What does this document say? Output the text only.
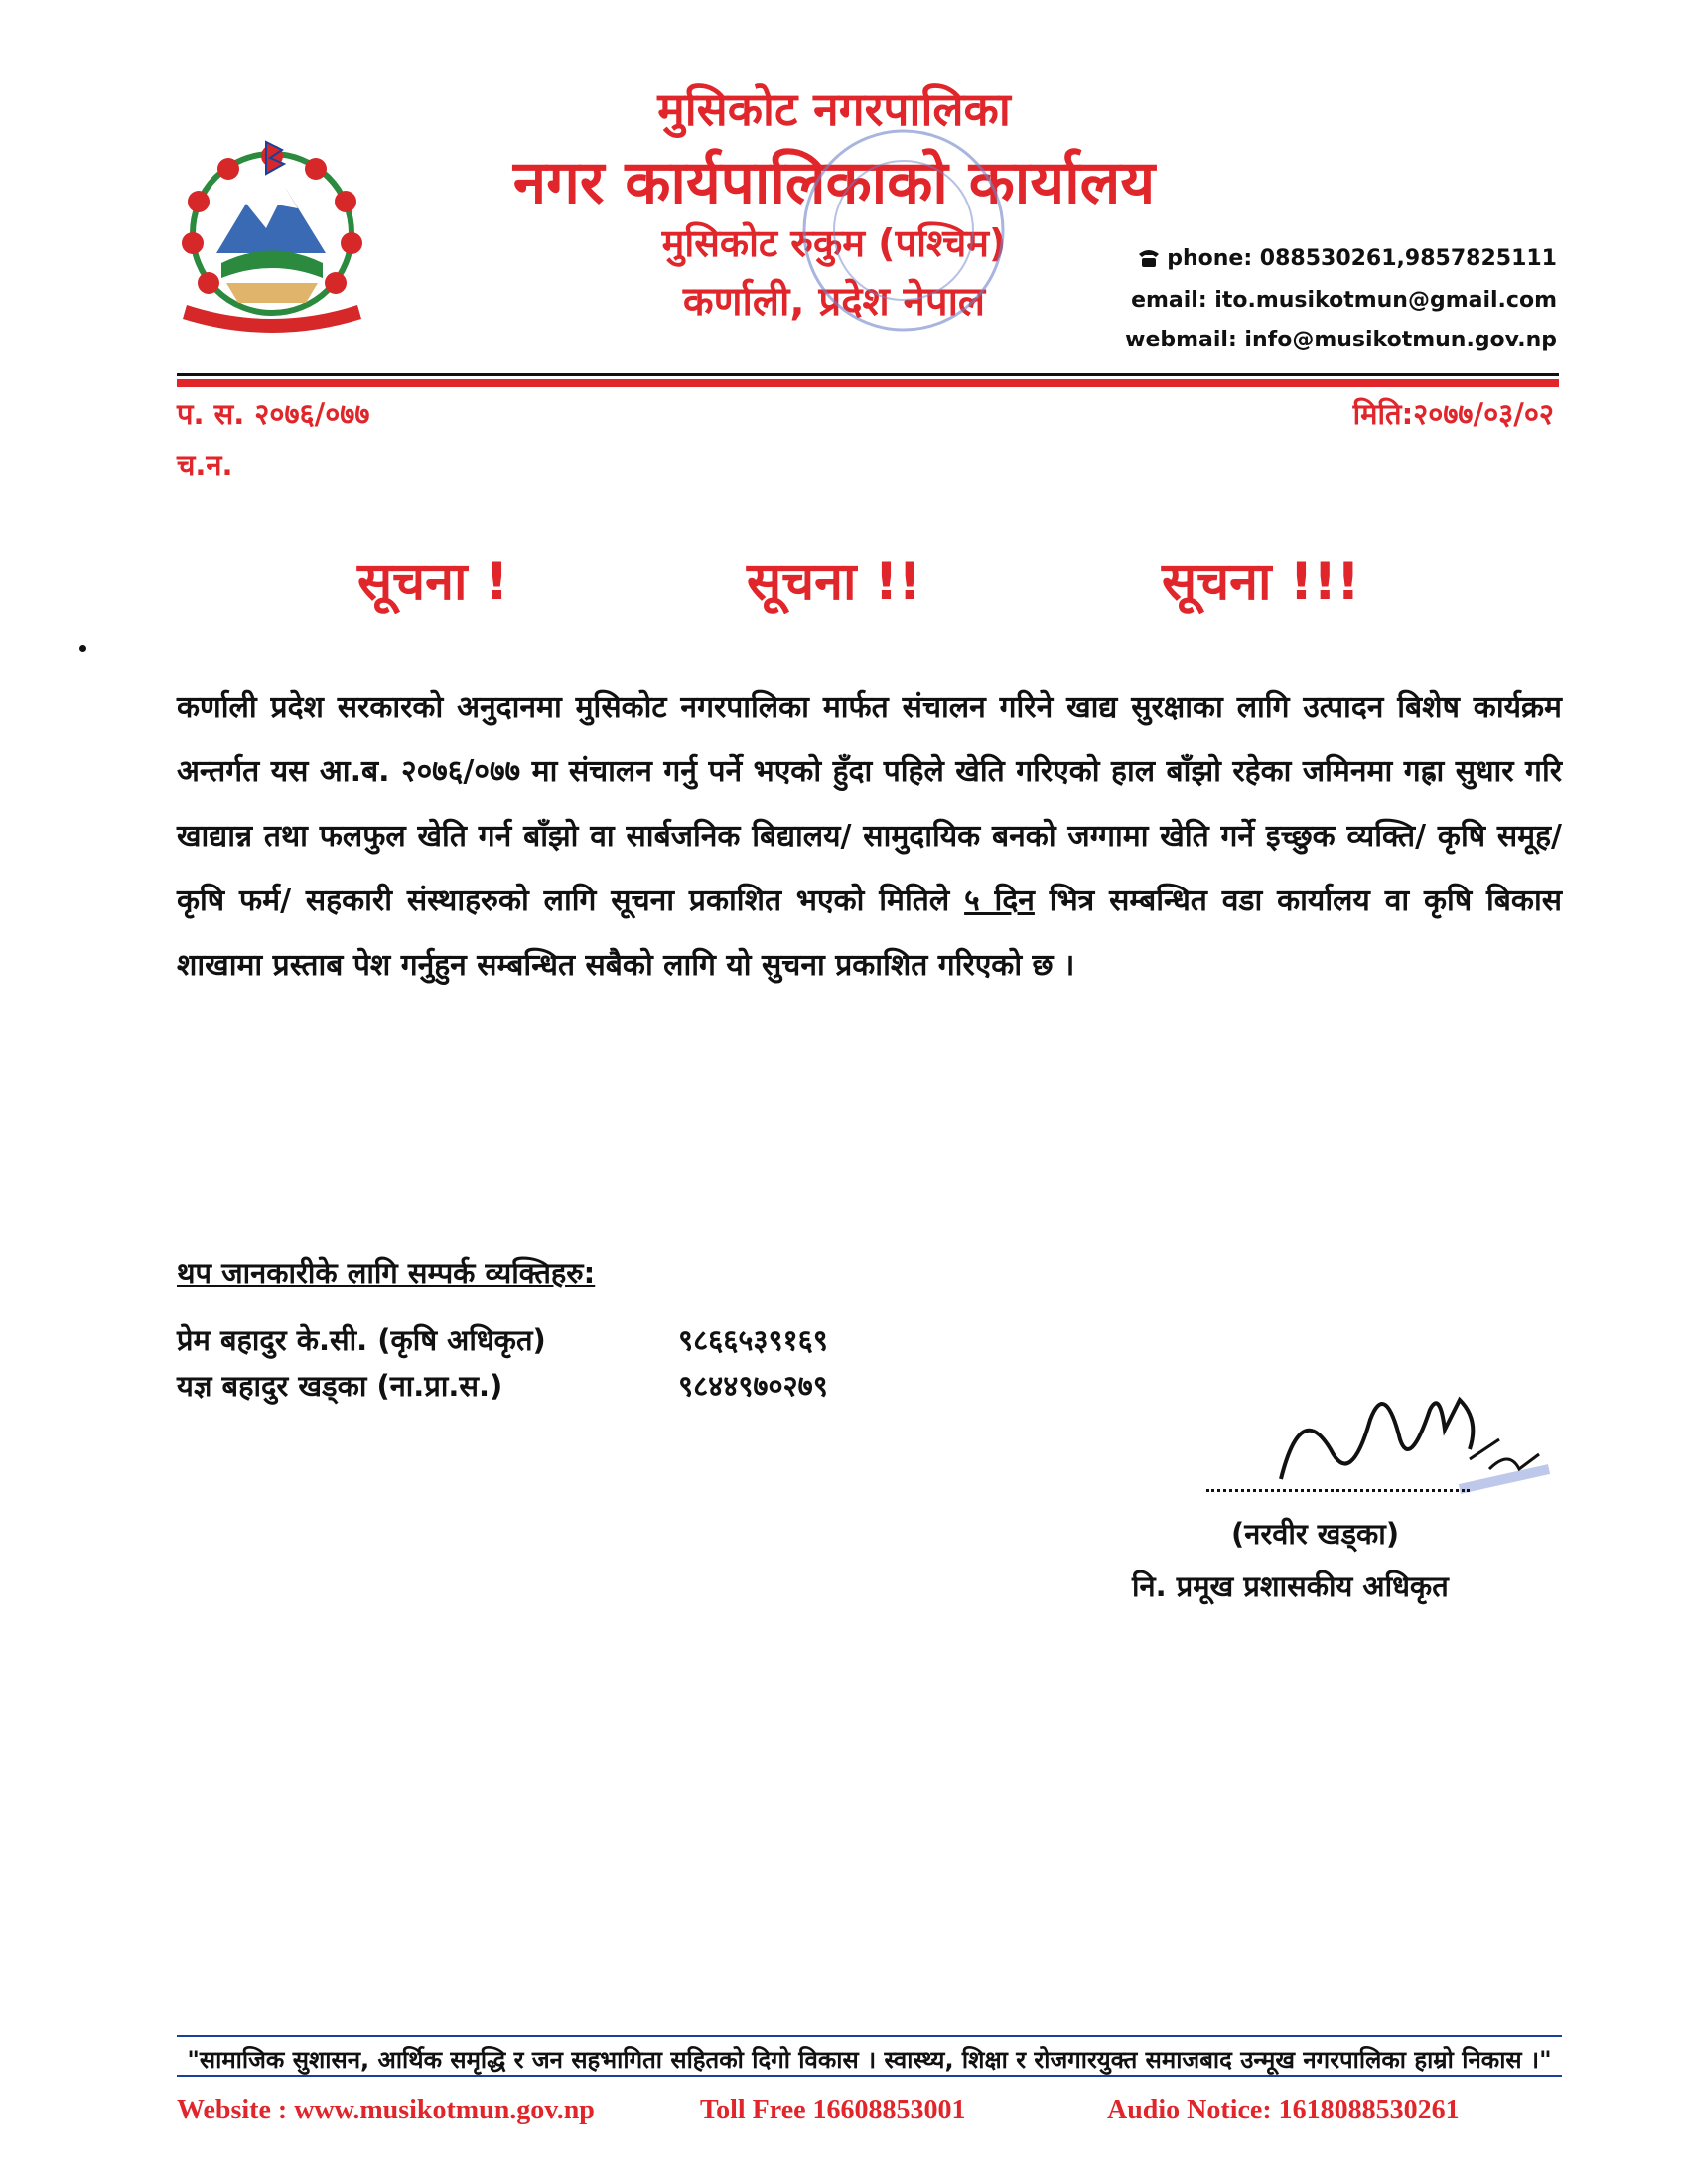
मुसिकोट नगरपालिका
नगर कार्यपालिकाको कार्यालय
मुसिकोट रुकुम (पश्चिम)
कर्णाली, प्रदेश नेपाल
phone: 088530261,9857825111
email: ito.musikotmun@gmail.com
webmail: info@musikotmun.gov.np
प. स. २०७६/०७७
च.न.
मिति:२०७७/०३/०२
सूचना !	सूचना !!	सूचना !!!
कर्णाली प्रदेश सरकारको अनुदानमा मुसिकोट नगरपालिका मार्फत संचालन गरिने खाद्य सुरक्षाका लागि उत्पादन बिशेष कार्यक्रम अन्तर्गत यस आ.ब. २०७६/०७७ मा संचालन गर्नु पर्ने भएको हुँदा पहिले खेति गरिएको हाल बाँझो रहेका जमिनमा गह्रा सुधार गरि खाद्यान्न तथा फलफुल खेति गर्न बाँझो वा सार्बजनिक बिद्यालय/ सामुदायिक बनको जग्गामा खेति गर्ने इच्छुक व्यक्ति/ कृषि समूह/ कृषि फर्म/ सहकारी संस्थाहरुको लागि सूचना प्रकाशित भएको मितिले ५ दिन भित्र सम्बन्धित वडा कार्यालय वा कृषि बिकास शाखामा प्रस्ताब पेश गर्नुहुन सम्बन्धित सबैको लागि यो सुचना प्रकाशित गरिएको छ ।
थप जानकारीके लागि सम्पर्क व्यक्तिहरु:
प्रेम बहादुर के.सी. (कृषि अधिकृत)	९८६६५३९१६९
यज्ञ बहादुर खड्का (ना.प्रा.स.)	९८४४९७०२७९
(नरवीर खड्का)
नि. प्रमूख प्रशासकीय अधिकृत
"सामाजिक सुशासन, आर्थिक समृद्धि र जन सहभागिता सहितको दिगो विकास । स्वास्थ्य, शिक्षा र रोजगारयुक्त समाजबाद उन्मूख नगरपालिका हाम्रो निकास ।"
Website : www.musikotmun.gov.np	Toll Free 16608853001	Audio Notice: 1618088530261
